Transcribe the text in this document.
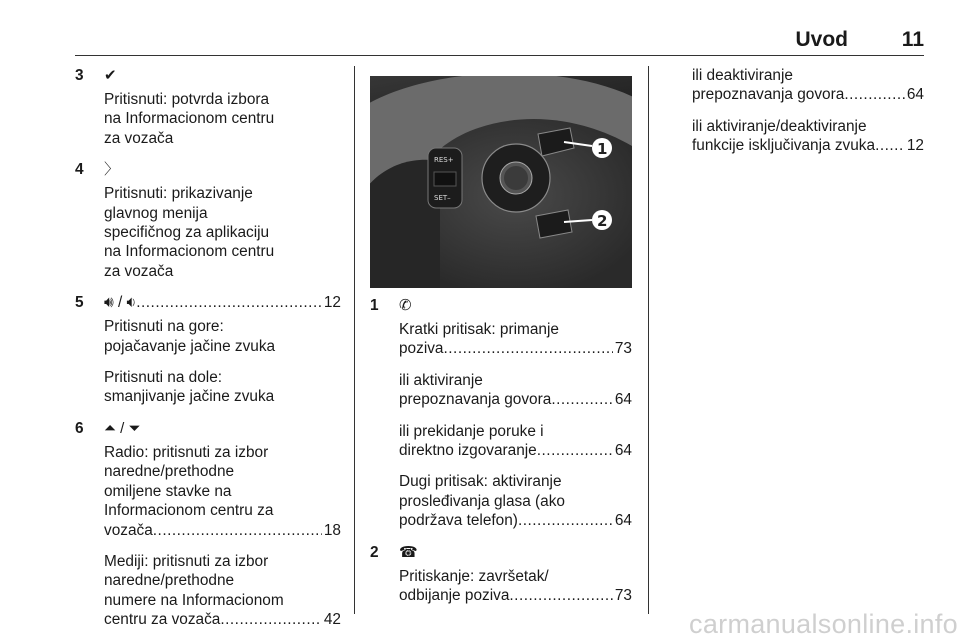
Uvod	11
3 ✔
Pritisnuti: potvrda izbora
na Informacionom centru
za vozača
4 〉
Pritisnuti: prikazivanje
glavnog menija
specifičnog za aplikaciju
na Informacionom centru
za vozača
5 🔊︎ / 🔉︎ .....	12
Pritisnuti na gore:
pojačavanje jačine zvuka
Pritisnuti na dole:
smanjivanje jačine zvuka
6 ⏶ / ⏷
Radio: pritisnuti za izbor
naredne/prethodne
omiljene stavke na
Informacionom centru za
vozača .....	18
Mediji: pritisnuti za izbor
naredne/prethodne
numere na Informacionom
centru za vozača .....	42
RES+
SET–
1
2
1 ✆
Kratki pritisak: primanje
poziva .....	73
ili aktiviranje
prepoznavanja govora .....	64
ili prekidanje poruke i
direktno izgovaranje .....	64
Dugi pritisak: aktiviranje
prosleđivanja glasa (ako
podržava telefon) .....	64
2 ☎
Pritiskanje: završetak/
odbijanje poziva .....	73
ili deaktiviranje
prepoznavanja govora .....	64
ili aktiviranje/deaktiviranje
funkcije isključivanja zvuka ..... 12
carmanualsonline.info
